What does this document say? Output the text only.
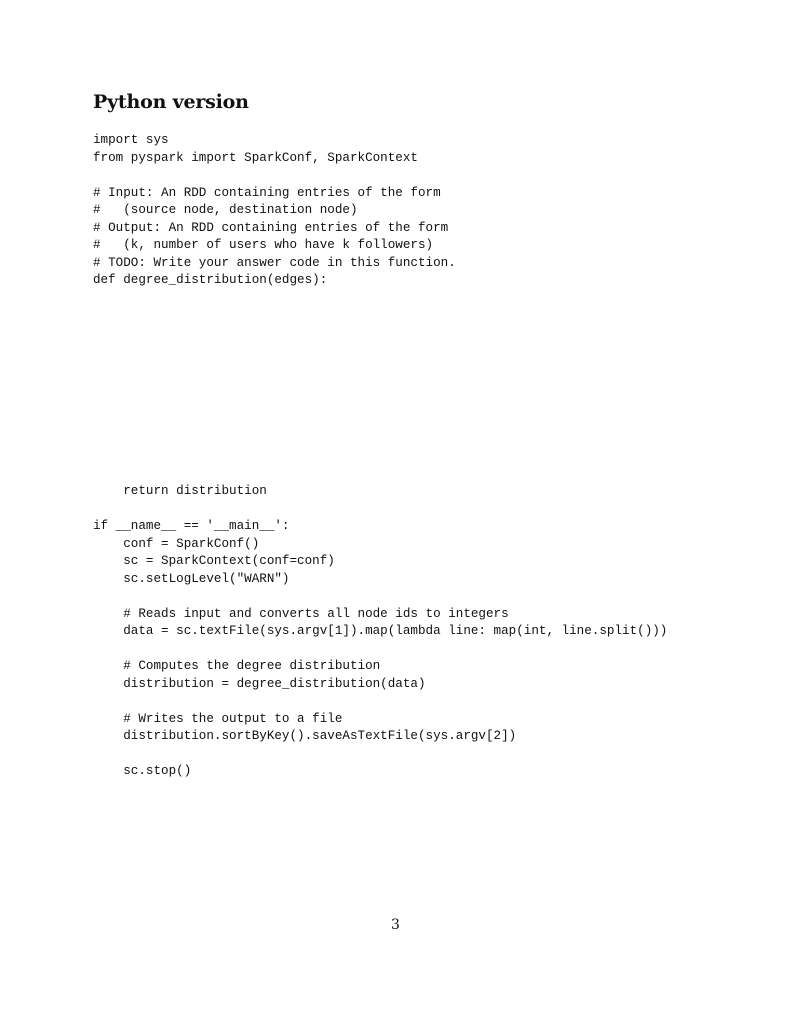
Python version
import sys
from pyspark import SparkConf, SparkContext
# Input: An RDD containing entries of the form
#   (source node, destination node)
# Output: An RDD containing entries of the form
#   (k, number of users who have k followers)
# TODO: Write your answer code in this function.
def degree_distribution(edges):
return distribution
if __name__ == '__main__':
conf = SparkConf()
sc = SparkContext(conf=conf)
sc.setLogLevel("WARN")
# Reads input and converts all node ids to integers
data = sc.textFile(sys.argv[1]).map(lambda line: map(int, line.split()))
# Computes the degree distribution
distribution = degree_distribution(data)
# Writes the output to a file
distribution.sortByKey().saveAsTextFile(sys.argv[2])
sc.stop()
3
